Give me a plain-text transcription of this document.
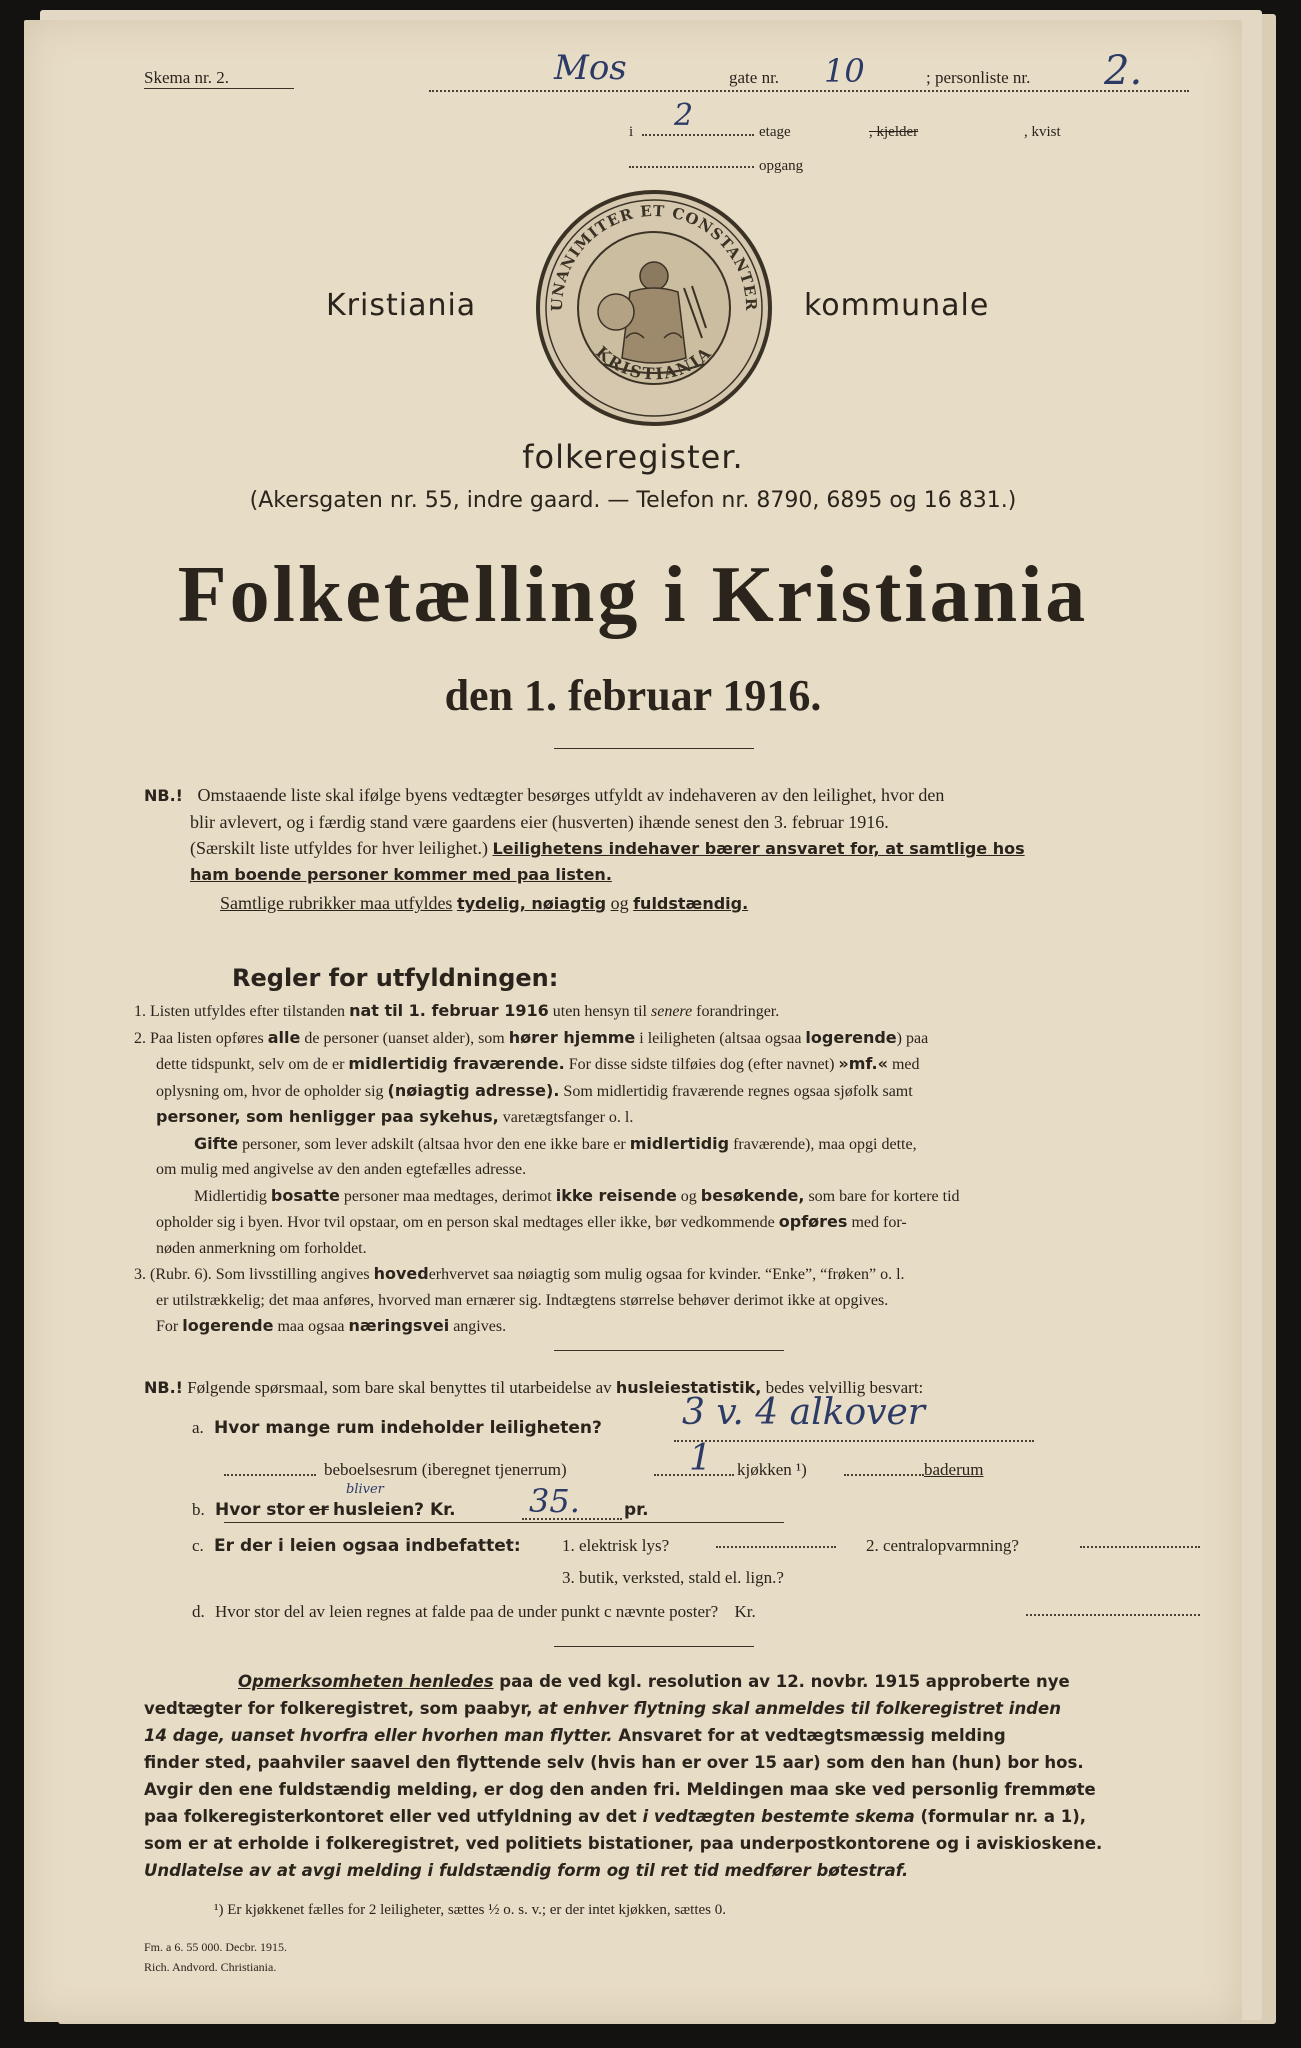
Skema nr. 2.	Mos	gate nr. 10	; personliste nr. 2.
i 2	etage	, kjelder	, kvist
opgang
UNANIMITER ET CONSTANTER
KRISTIANIA
Kristiania	kommunale
folkeregister.
(Akersgaten nr. 55, indre gaard. — Telefon nr. 8790, 6895 og 16 831.)
Folketælling i Kristiania
den 1. februar 1916.
NB.! Omstaaende liste skal ifølge byens vedtægter besørges utfyldt av indehaveren av den leilighet, hvor den
blir avlevert, og i færdig stand være gaardens eier (husverten) ihænde senest den 3. februar 1916.
(Særskilt liste utfyldes for hver leilighet.) Leilighetens indehaver bærer ansvaret for, at samtlige hos
ham boende personer kommer med paa listen.
Samtlige rubrikker maa utfyldes tydelig, nøiagtig og fuldstændig.
Regler for utfyldningen:
1. Listen utfyldes efter tilstanden nat til 1. februar 1916 uten hensyn til senere forandringer.
2. Paa listen opføres alle de personer (uanset alder), som hører hjemme i leiligheten (altsaa ogsaa logerende) paa
dette tidspunkt, selv om de er midlertidig fraværende. For disse sidste tilføies dog (efter navnet) »mf.« med
oplysning om, hvor de opholder sig (nøiagtig adresse). Som midlertidig fraværende regnes ogsaa sjøfolk samt
personer, som henligger paa sykehus, varetægtsfanger o. l.
Gifte personer, som lever adskilt (altsaa hvor den ene ikke bare er midlertidig fraværende), maa opgi dette,
om mulig med angivelse av den anden egtefælles adresse.
Midlertidig bosatte personer maa medtages, derimot ikke reisende og besøkende, som bare for kortere tid
opholder sig i byen. Hvor tvil opstaar, om en person skal medtages eller ikke, bør vedkommende opføres med for-
nøden anmerkning om forholdet.
3. (Rubr. 6). Som livsstilling angives hovederhvervet saa nøiagtig som mulig ogsaa for kvinder. “Enke”, “frøken” o. l.
er utilstrækkelig; det maa anføres, hvorved man ernærer sig. Indtægtens størrelse behøver derimot ikke at opgives.
For logerende maa ogsaa næringsvei angives.
NB.! Følgende spørsmaal, som bare skal benyttes til utarbeidelse av husleiestatistik, bedes velvillig besvart:
a. Hvor mange rum indeholder leiligheten? 3 v. 4 alkover
beboelsesrum (iberegnet tjenerrum)	1 kjøkken ¹)	baderum
b. Hvor stor er husleien? Kr.
bliver	35.	pr.
c. Er der i leien ogsaa indbefattet: 1. elektrisk lys?	2. centralopvarmning?
3. butik, verksted, stald el. lign.?
d. Hvor stor del av leien regnes at falde paa de under punkt c nævnte poster? Kr.
Opmerksomheten henledes paa de ved kgl. resolution av 12. novbr. 1915 approberte nye
vedtægter for folkeregistret, som paabyr, at enhver flytning skal anmeldes til folkeregistret inden
14 dage, uanset hvorfra eller hvorhen man flytter. Ansvaret for at vedtægtsmæssig melding
finder sted, paahviler saavel den flyttende selv (hvis han er over 15 aar) som den han (hun) bor hos.
Avgir den ene fuldstændig melding, er dog den anden fri. Meldingen maa ske ved personlig fremmøte
paa folkeregisterkontoret eller ved utfyldning av det i vedtægten bestemte skema (formular nr. a 1),
som er at erholde i folkeregistret, ved politiets bistationer, paa underpostkontorene og i aviskioskene.
Undlatelse av at avgi melding i fuldstændig form og til ret tid medfører bøtestraf.
¹) Er kjøkkenet fælles for 2 leiligheter, sættes ½ o. s. v.; er der intet kjøkken, sættes 0.
Fm. a 6. 55 000. Decbr. 1915.
Rich. Andvord. Christiania.
